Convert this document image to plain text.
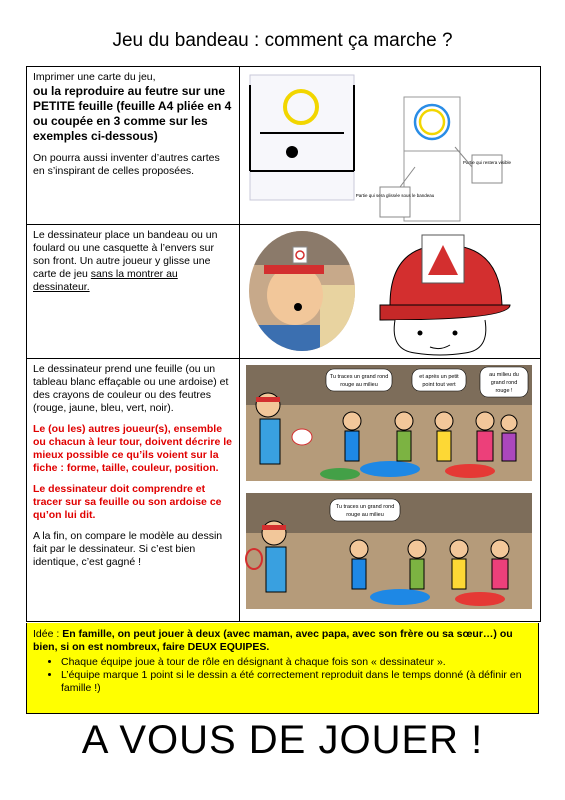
Jeu du bandeau : comment ça marche ?
Imprimer une carte du jeu,

ou la reproduire au feutre sur une PETITE feuille (feuille A4 pliée en 4 ou coupée en 3 comme sur les exemples ci-dessous)

On pourra aussi inventer d’autres cartes en s’inspirant de celles proposées.

Partie qui restera visible
Partie qui sera glissée sous le bandeau
Le dessinateur place un bandeau ou un foulard ou une casquette à l’envers sur son front. Un autre joueur y glisse une carte de jeu sans la montrer au dessinateur.

Le dessinateur prend une feuille (ou un tableau blanc effaçable ou une ardoise) et des crayons de couleur ou des feutres (rouge, jaune, bleu, vert, noir).

Le (ou les) autres joueur(s), ensemble ou chacun à leur tour, doivent décrire le mieux possible ce qu’ils voient sur la fiche : forme, taille, couleur, position.

Le dessinateur doit comprendre et tracer sur sa feuille ou son ardoise ce qu’on lui dit.

A la fin, on compare le modèle au dessin fait par le dessinateur. Si c’est bien identique, c’est gagné !

Tu traces un grand rond
rouge au milieu
et après un petit
point tout vert
au milieu du
grand rond
rouge !
Tu traces un grand rond
rouge au milieu
Idée : En famille, on peut jouer à deux (avec maman, avec papa, avec son frère ou sa sœur…) ou bien, si on est nombreux, faire DEUX EQUIPES.
• Chaque équipe joue à tour de rôle en désignant à chaque fois son « dessinateur ».
• L’équipe marque 1 point si le dessin a été correctement reproduit dans le temps donné (à définir en famille !)
A VOUS DE JOUER !
